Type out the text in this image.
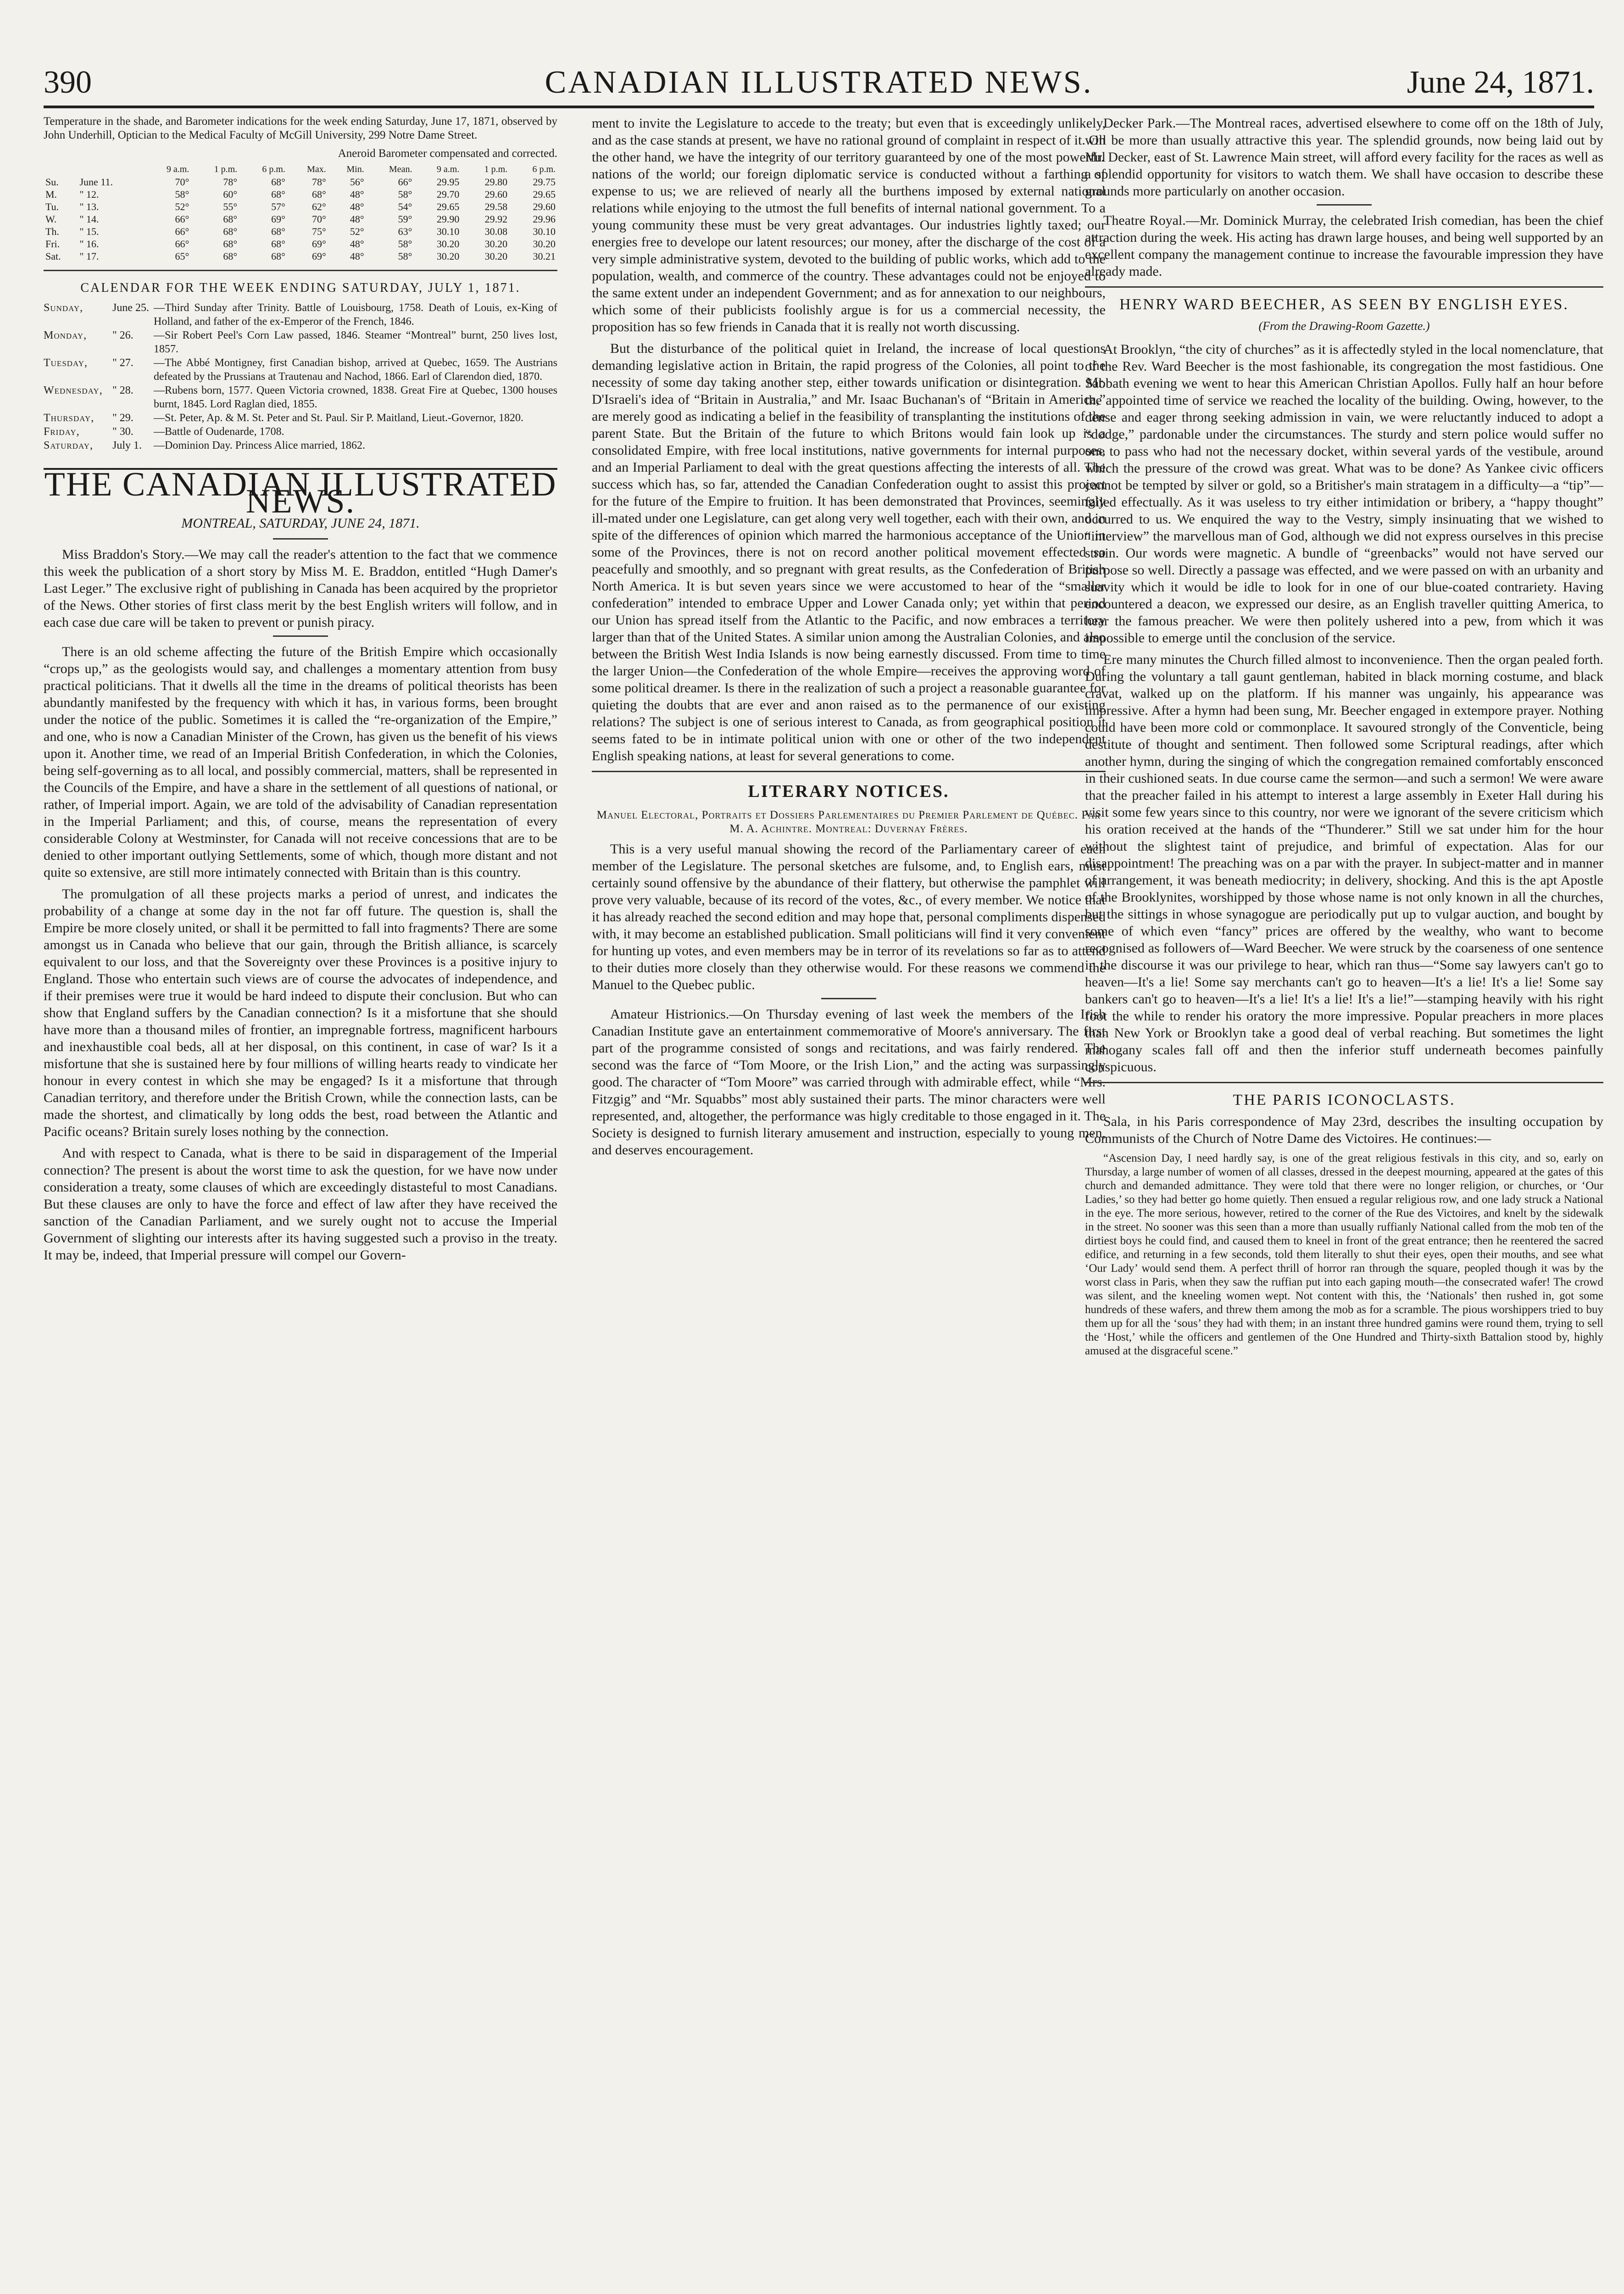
390	CANADIAN ILLUSTRATED NEWS.	June 24, 1871.

Temperature in the shade, and Barometer indications for the week ending Saturday, June 17, 1871, observed by John Underhill, Optician to the Medical Faculty of McGill University, 299 Notre Dame Street.

Aneroid Barometer compensated and corrected.
		9 a.m.	1 p.m.	6 p.m.	Max.	Min.	Mean.	9 a.m.	1 p.m.	6 p.m.
Su.	June 11.	70°	78°	68°	78°	56°	66°	29.95	29.80	29.75
M.	" 12.	58°	60°	68°	68°	48°	58°	29.70	29.60	29.65
Tu.	" 13.	52°	55°	57°	62°	48°	54°	29.65	29.58	29.60
W.	" 14.	66°	68°	69°	70°	48°	59°	29.90	29.92	29.96
Th.	" 15.	66°	68°	68°	75°	52°	63°	30.10	30.08	30.10
Fri.	" 16.	66°	68°	68°	69°	48°	58°	30.20	30.20	30.20
Sat.	" 17.	65°	68°	68°	69°	48°	58°	30.20	30.20	30.21
CALENDAR FOR THE WEEK ENDING SATURDAY, JULY 1, 1871.
Sunday,	June 25. —Third Sunday after Trinity. Battle of Louisbourg, 1758. Death of Louis, ex-King of Holland, and father of the ex-Emperor of the French, 1846.
Monday,	" 26.	—Sir Robert Peel's Corn Law passed, 1846. Steamer “Montreal” burnt, 250 lives lost, 1857.
Tuesday,	" 27.	—The Abbé Montigney, first Canadian bishop, arrived at Quebec, 1659. The Austrians defeated by the Prussians at Trautenau and Nachod, 1866. Earl of Clarendon died, 1870.
Wednesday, " 28.	—Rubens born, 1577. Queen Victoria crowned, 1838. Great Fire at Quebec, 1300 houses burnt, 1845. Lord Raglan died, 1855.
Thursday,	" 29.	—St. Peter, Ap. & M. St. Peter and St. Paul. Sir P. Maitland, Lieut.-Governor, 1820.
Friday,	" 30.	—Battle of Oudenarde, 1708.
Saturday,	July 1.	—Dominion Day. Princess Alice married, 1862.
THE CANADIAN ILLUSTRATED NEWS.
MONTREAL, SATURDAY, JUNE 24, 1871.

Miss Braddon's Story.—We may call the reader's attention to the fact that we commence this week the publication of a short story by Miss M. E. Braddon, entitled “Hugh Damer's Last Leger.” The exclusive right of publishing in Canada has been acquired by the proprietor of the News. Other stories of first class merit by the best English writers will follow, and in each case due care will be taken to prevent or punish piracy.

There is an old scheme affecting the future of the British Empire which occasionally “crops up,” as the geologists would say, and challenges a momentary attention from busy practical politicians. That it dwells all the time in the dreams of political theorists has been abundantly manifested by the frequency with which it has, in various forms, been brought under the notice of the public. Sometimes it is called the “re-organization of the Empire,” and one, who is now a Canadian Minister of the Crown, has given us the benefit of his views upon it. Another time, we read of an Imperial British Confederation, in which the Colonies, being self-governing as to all local, and possibly commercial, matters, shall be represented in the Councils of the Empire, and have a share in the settlement of all questions of national, or rather, of Imperial import. Again, we are told of the advisability of Canadian representation in the Imperial Parliament; and this, of course, means the representation of every considerable Colony at Westminster, for Canada will not receive concessions that are to be denied to other important outlying Settlements, some of which, though more distant and not quite so extensive, are still more intimately connected with Britain than is this country.

The promulgation of all these projects marks a period of unrest, and indicates the probability of a change at some day in the not far off future. The question is, shall the Empire be more closely united, or shall it be permitted to fall into fragments? There are some amongst us in Canada who believe that our gain, through the British alliance, is scarcely equivalent to our loss, and that the Sovereignty over these Provinces is a positive injury to England. Those who entertain such views are of course the advocates of independence, and if their premises were true it would be hard indeed to dispute their conclusion. But who can show that England suffers by the Canadian connection? Is it a misfortune that she should have more than a thousand miles of frontier, an impregnable fortress, magnificent harbours and inexhaustible coal beds, all at her disposal, on this continent, in case of war? Is it a misfortune that she is sustained here by four millions of willing hearts ready to vindicate her honour in every contest in which she may be engaged? Is it a misfortune that through Canadian territory, and therefore under the British Crown, while the connection lasts, can be made the shortest, and climatically by long odds the best, road between the Atlantic and Pacific oceans? Britain surely loses nothing by the connection.

And with respect to Canada, what is there to be said in disparagement of the Imperial connection? The present is about the worst time to ask the question, for we have now under consideration a treaty, some clauses of which are exceedingly distasteful to most Canadians. But these clauses are only to have the force and effect of law after they have received the sanction of the Canadian Parliament, and we surely ought not to accuse the Imperial Government of slighting our interests after its having suggested such a proviso in the treaty. It may be, indeed, that Imperial pressure will compel our Govern-

ment to invite the Legislature to accede to the treaty; but even that is exceedingly unlikely, and as the case stands at present, we have no rational ground of complaint in respect of it. On the other hand, we have the integrity of our territory guaranteed by one of the most powerful nations of the world; our foreign diplomatic service is conducted without a farthing of expense to us; we are relieved of nearly all the burthens imposed by external national relations while enjoying to the utmost the full benefits of internal national government. To a young community these must be very great advantages. Our industries lightly taxed; our energies free to develope our latent resources; our money, after the discharge of the cost of a very simple administrative system, devoted to the building of public works, which add to the population, wealth, and commerce of the country. These advantages could not be enjoyed to the same extent under an independent Government; and as for annexation to our neighbours, which some of their publicists foolishly argue is for us a commercial necessity, the proposition has so few friends in Canada that it is really not worth discussing.

But the disturbance of the political quiet in Ireland, the increase of local questions demanding legislative action in Britain, the rapid progress of the Colonies, all point to the necessity of some day taking another step, either towards unification or disintegration. Mr. D'Israeli's idea of “Britain in Australia,” and Mr. Isaac Buchanan's of “Britain in America,” are merely good as indicating a belief in the feasibility of transplanting the institutions of the parent State. But the Britain of the future to which Britons would fain look up is a consolidated Empire, with free local institutions, native governments for internal purposes, and an Imperial Parliament to deal with the great questions affecting the interests of all. The success which has, so far, attended the Canadian Confederation ought to assist this project for the future of the Empire to fruition. It has been demonstrated that Provinces, seemingly ill-mated under one Legislature, can get along very well together, each with their own, and in spite of the differences of opinion which marred the harmonious acceptance of the Union in some of the Provinces, there is not on record another political movement effected so peacefully and smoothly, and so pregnant with great results, as the Confederation of British North America. It is but seven years since we were accustomed to hear of the “smaller confederation” intended to embrace Upper and Lower Canada only; yet within that period our Union has spread itself from the Atlantic to the Pacific, and now embraces a territory larger than that of the United States. A similar union among the Australian Colonies, and also between the British West India Islands is now being earnestly discussed. From time to time the larger Union—the Confederation of the whole Empire—receives the approving word of some political dreamer. Is there in the realization of such a project a reasonable guarantee for quieting the doubts that are ever and anon raised as to the permanence of our existing relations? The subject is one of serious interest to Canada, as from geographical position it seems fated to be in intimate political union with one or other of the two independent English speaking nations, at least for several generations to come.

LITERARY NOTICES.

Manuel Electoral, Portraits et Dossiers Parlementaires du Premier Parlement de Québec. Par M. A. Achintre. Montreal: Duvernay Frères.

This is a very useful manual showing the record of the Parliamentary career of each member of the Legislature. The personal sketches are fulsome, and, to English ears, must certainly sound offensive by the abundance of their flattery, but otherwise the pamphlet will prove very valuable, because of its record of the votes, &c., of every member. We notice that it has already reached the second edition and may hope that, personal compliments dispensed with, it may become an established publication. Small politicians will find it very convenient for hunting up votes, and even members may be in terror of its revelations so far as to attend to their duties more closely than they otherwise would. For these reasons we commend the Manuel to the Quebec public.

Amateur Histrionics.—On Thursday evening of last week the members of the Irish Canadian Institute gave an entertainment commemorative of Moore's anniversary. The first part of the programme consisted of songs and recitations, and was fairly rendered. The second was the farce of “Tom Moore, or the Irish Lion,” and the acting was surpassingly good. The character of “Tom Moore” was carried through with admirable effect, while “Mrs. Fitzgig” and “Mr. Squabbs” most ably sustained their parts. The minor characters were well represented, and, altogether, the performance was higly creditable to those engaged in it. The Society is designed to furnish literary amusement and instruction, especially to young men, and deserves encouragement.

Decker Park.—The Montreal races, advertised elsewhere to come off on the 18th of July, will be more than usually attractive this year. The splendid grounds, now being laid out by Mr. Decker, east of St. Lawrence Main street, will afford every facility for the races as well as a splendid opportunity for visitors to watch them. We shall have occasion to describe these grounds more particularly on another occasion.

Theatre Royal.—Mr. Dominick Murray, the celebrated Irish comedian, has been the chief attraction during the week. His acting has drawn large houses, and being well supported by an excellent company the management continue to increase the favourable impression they have already made.

HENRY WARD BEECHER, AS SEEN BY ENGLISH EYES.
(From the Drawing-Room Gazette.)

At Brooklyn, “the city of churches” as it is affectedly styled in the local nomenclature, that of the Rev. Ward Beecher is the most fashionable, its congregation the most fastidious. One Sabbath evening we went to hear this American Christian Apollos. Fully half an hour before the appointed time of service we reached the locality of the building. Owing, however, to the dense and eager throng seeking admission in vain, we were reluctantly induced to adopt a “dodge,” pardonable under the circumstances. The sturdy and stern police would suffer no one to pass who had not the necessary docket, within several yards of the vestibule, around which the pressure of the crowd was great. What was to be done? As Yankee civic officers cannot be tempted by silver or gold, so a Britisher's main stratagem in a difficulty—a “tip”—failed effectually. As it was useless to try either intimidation or bribery, a “happy thought” occurred to us. We enquired the way to the Vestry, simply insinuating that we wished to “interview” the marvellous man of God, although we did not express ourselves in this precise strain. Our words were magnetic. A bundle of “greenbacks” would not have served our purpose so well. Directly a passage was effected, and we were passed on with an urbanity and suavity which it would be idle to look for in one of our blue-coated contrariety. Having encountered a deacon, we expressed our desire, as an English traveller quitting America, to hear the famous preacher. We were then politely ushered into a pew, from which it was impossible to emerge until the conclusion of the service.

Ere many minutes the Church filled almost to inconvenience. Then the organ pealed forth. During the voluntary a tall gaunt gentleman, habited in black morning costume, and black cravat, walked up on the platform. If his manner was ungainly, his appearance was impressive. After a hymn had been sung, Mr. Beecher engaged in extempore prayer. Nothing could have been more cold or commonplace. It savoured strongly of the Conventicle, being destitute of thought and sentiment. Then followed some Scriptural readings, after which another hymn, during the singing of which the congregation remained comfortably ensconced in their cushioned seats. In due course came the sermon—and such a sermon! We were aware that the preacher failed in his attempt to interest a large assembly in Exeter Hall during his visit some few years since to this country, nor were we ignorant of the severe criticism which his oration received at the hands of the “Thunderer.” Still we sat under him for the hour without the slightest taint of prejudice, and brimful of expectation. Alas for our disappointment! The preaching was on a par with the prayer. In subject-matter and in manner of arrangement, it was beneath mediocrity; in delivery, shocking. And this is the apt Apostle of the Brooklynites, worshipped by those whose name is not only known in all the churches, but the sittings in whose synagogue are periodically put up to vulgar auction, and bought by some of which even “fancy” prices are offered by the wealthy, who want to become recognised as followers of—Ward Beecher. We were struck by the coarseness of one sentence in the discourse it was our privilege to hear, which ran thus—“Some say lawyers can't go to heaven—It's a lie! Some say merchants can't go to heaven—It's a lie! It's a lie! Some say bankers can't go to heaven—It's a lie! It's a lie! It's a lie!”—stamping heavily with his right foot the while to render his oratory the more impressive. Popular preachers in more places than New York or Brooklyn take a good deal of verbal reaching. But sometimes the light mahogany scales fall off and then the inferior stuff underneath becomes painfully conspicuous.

THE PARIS ICONOCLASTS.

Sala, in his Paris correspondence of May 23rd, describes the insulting occupation by Communists of the Church of Notre Dame des Victoires. He continues:—

“Ascension Day, I need hardly say, is one of the great religious festivals in this city, and so, early on Thursday, a large number of women of all classes, dressed in the deepest mourning, appeared at the gates of this church and demanded admittance. They were told that there were no longer religion, or churches, or ‘Our Ladies,’ so they had better go home quietly. Then ensued a regular religious row, and one lady struck a National in the eye. The more serious, however, retired to the corner of the Rue des Victoires, and knelt by the sidewalk in the street. No sooner was this seen than a more than usually ruffianly National called from the mob ten of the dirtiest boys he could find, and caused them to kneel in front of the great entrance; then he reentered the sacred edifice, and returning in a few seconds, told them literally to shut their eyes, open their mouths, and see what ‘Our Lady’ would send them. A perfect thrill of horror ran through the square, peopled though it was by the worst class in Paris, when they saw the ruffian put into each gaping mouth—the consecrated wafer! The crowd was silent, and the kneeling women wept. Not content with this, the ‘Nationals’ then rushed in, got some hundreds of these wafers, and threw them among the mob as for a scramble. The pious worshippers tried to buy them up for all the ‘sous’ they had with them; in an instant three hundred gamins were round them, trying to sell the ‘Host,’ while the officers and gentlemen of the One Hundred and Thirty-sixth Battalion stood by, highly amused at the disgraceful scene.”
